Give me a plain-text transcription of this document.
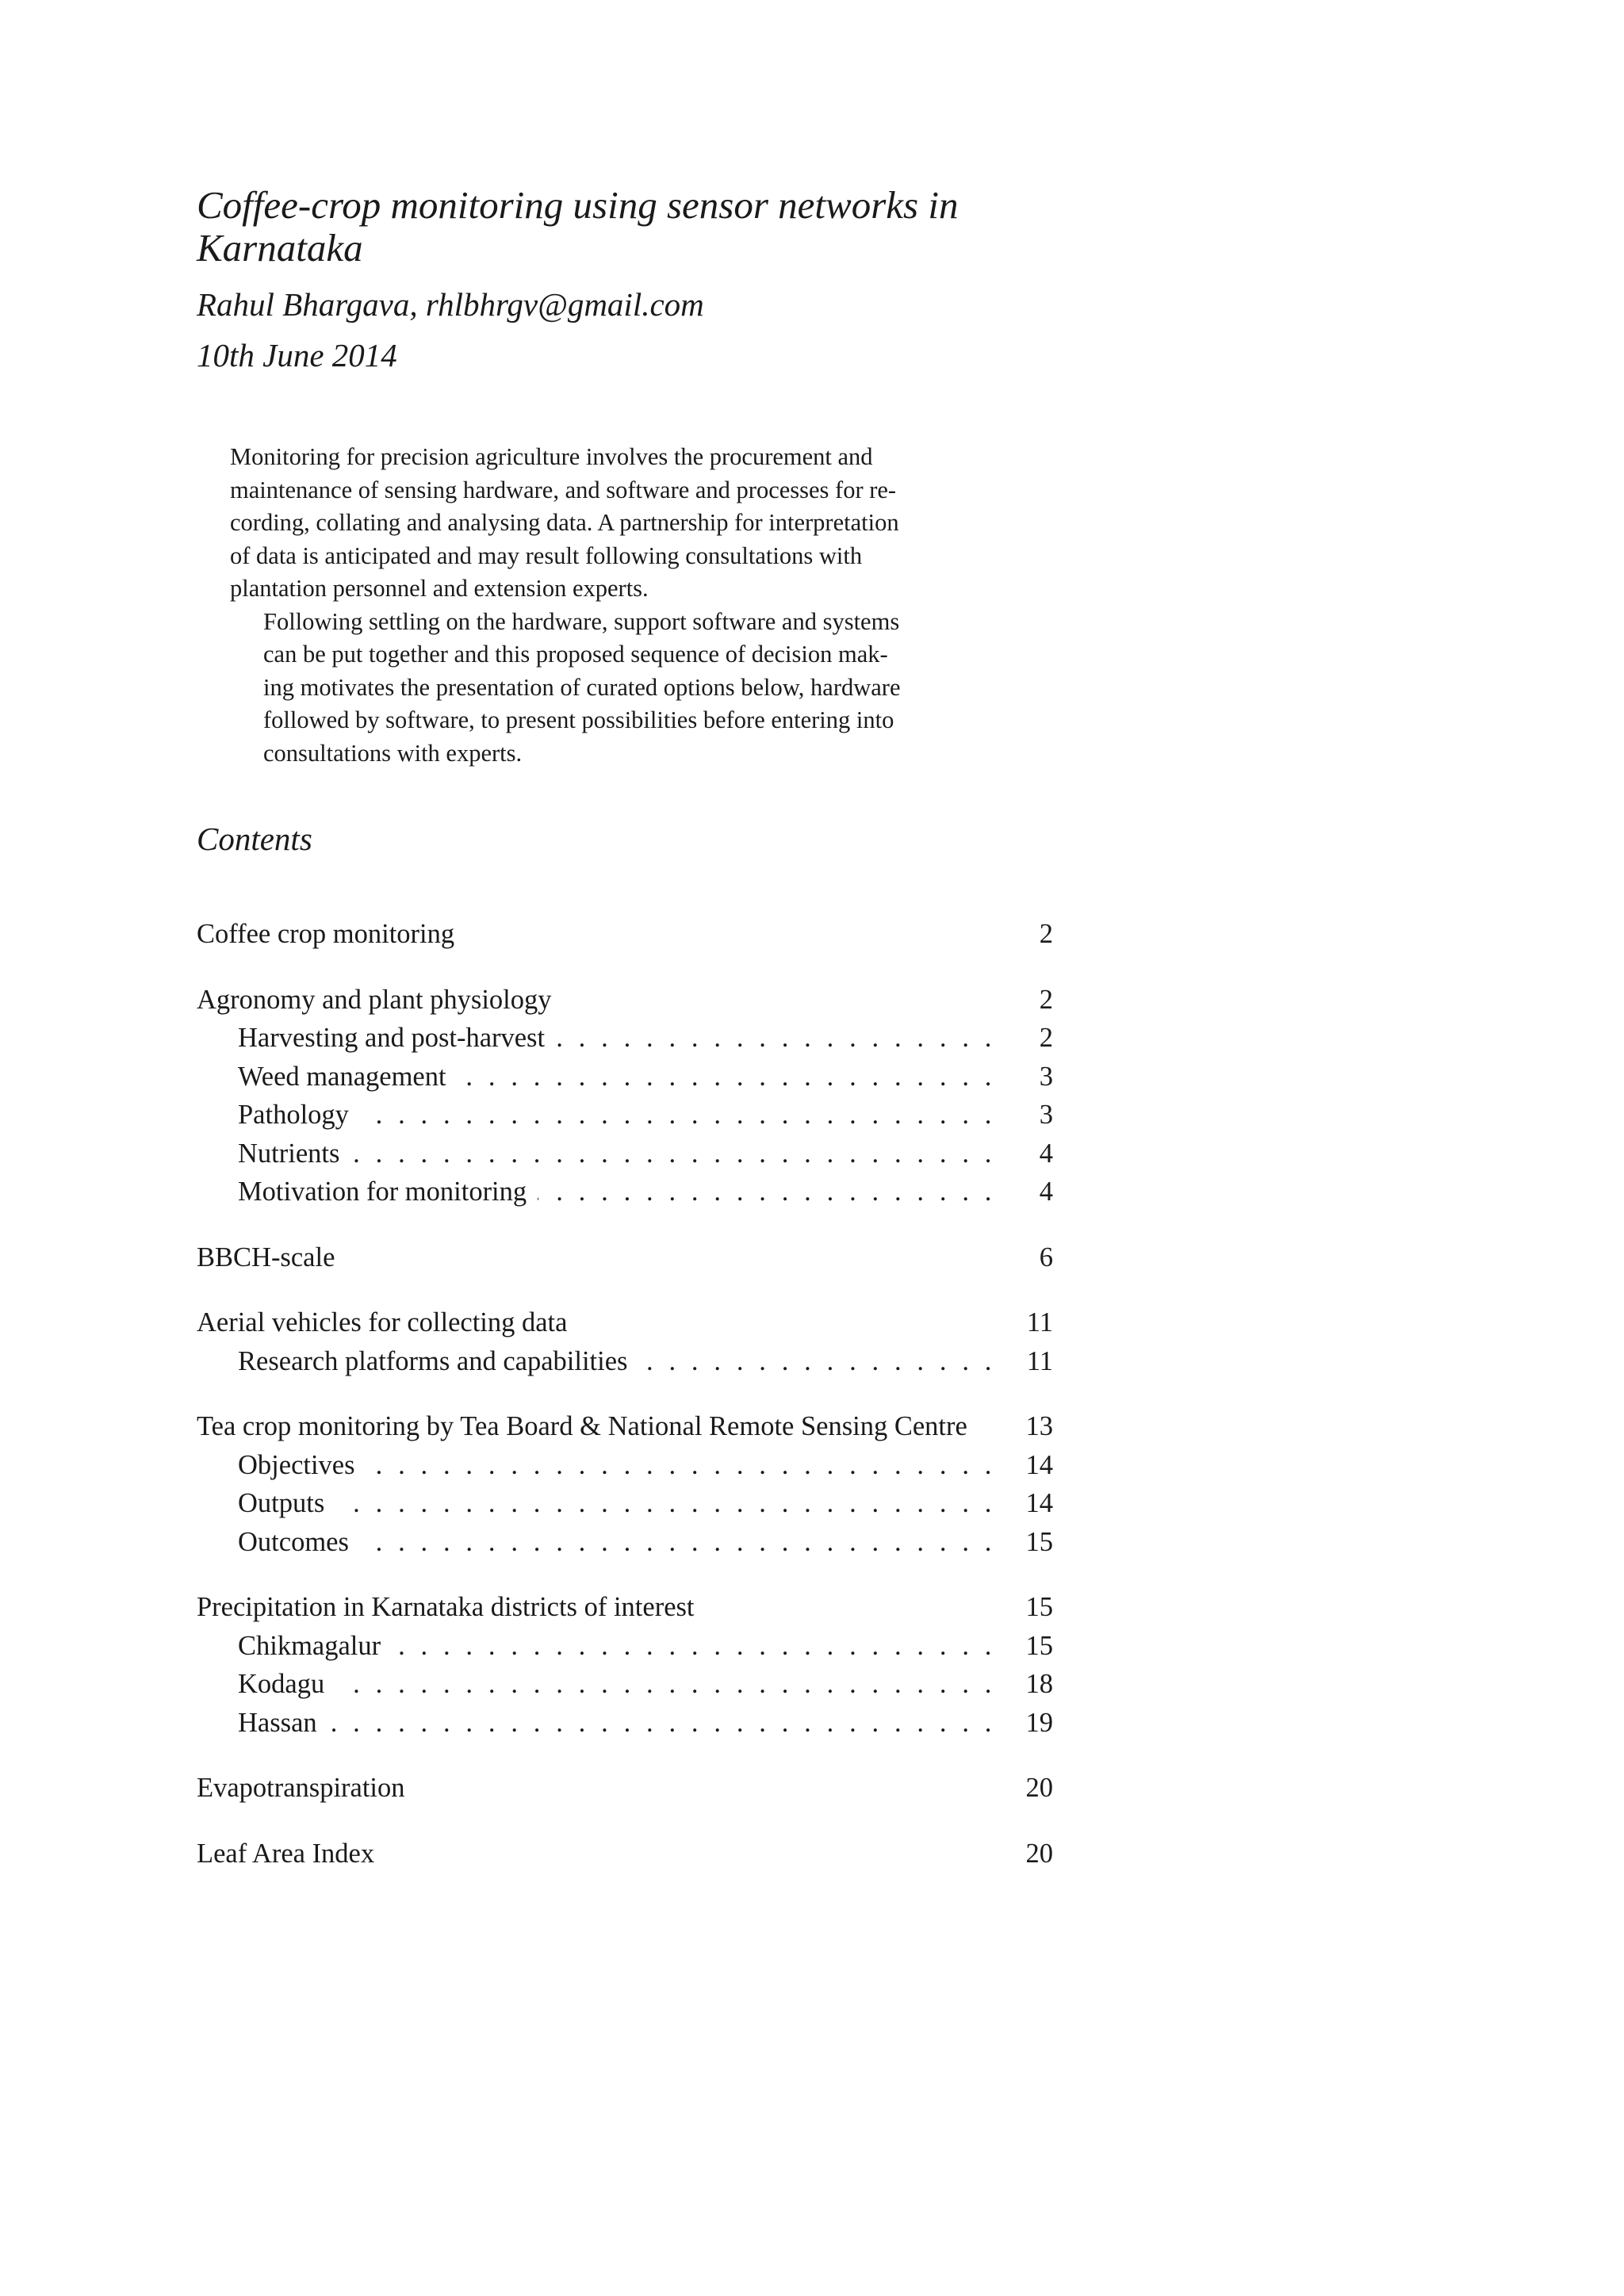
Coffee-crop monitoring using sensor networks in Karnataka

Rahul Bhargava, rhlbhrgv@gmail.com

10th June 2014

Monitoring for precision agriculture involves the procurement and
maintenance of sensing hardware, and software and processes for re-
cording, collating and analysing data. A partnership for interpretation
of data is anticipated and may result following consultations with
plantation personnel and extension experts.

Following settling on the hardware, support software and systems
can be put together and this proposed sequence of decision mak-
ing motivates the presentation of curated options below, hardware
followed by software, to present possibilities before entering into
consultations with experts.

Contents
Coffee crop monitoring	2
Agronomy and plant physiology	2
Harvesting and post-harvest . . .	2
Weed management . . .	3
Pathology . . .	3
Nutrients . . .	4
Motivation for monitoring . . .	4
BBCH-scale	6
Aerial vehicles for collecting data	11
Research platforms and capabilities . . .	11
Tea crop monitoring by Tea Board & National Remote Sensing Centre	13
Objectives . . .	14
Outputs . . .	14
Outcomes . . .	15
Precipitation in Karnataka districts of interest	15
Chikmagalur . . .	15
Kodagu . . .	18
Hassan . . .	19
Evapotranspiration	20
Leaf Area Index	20
